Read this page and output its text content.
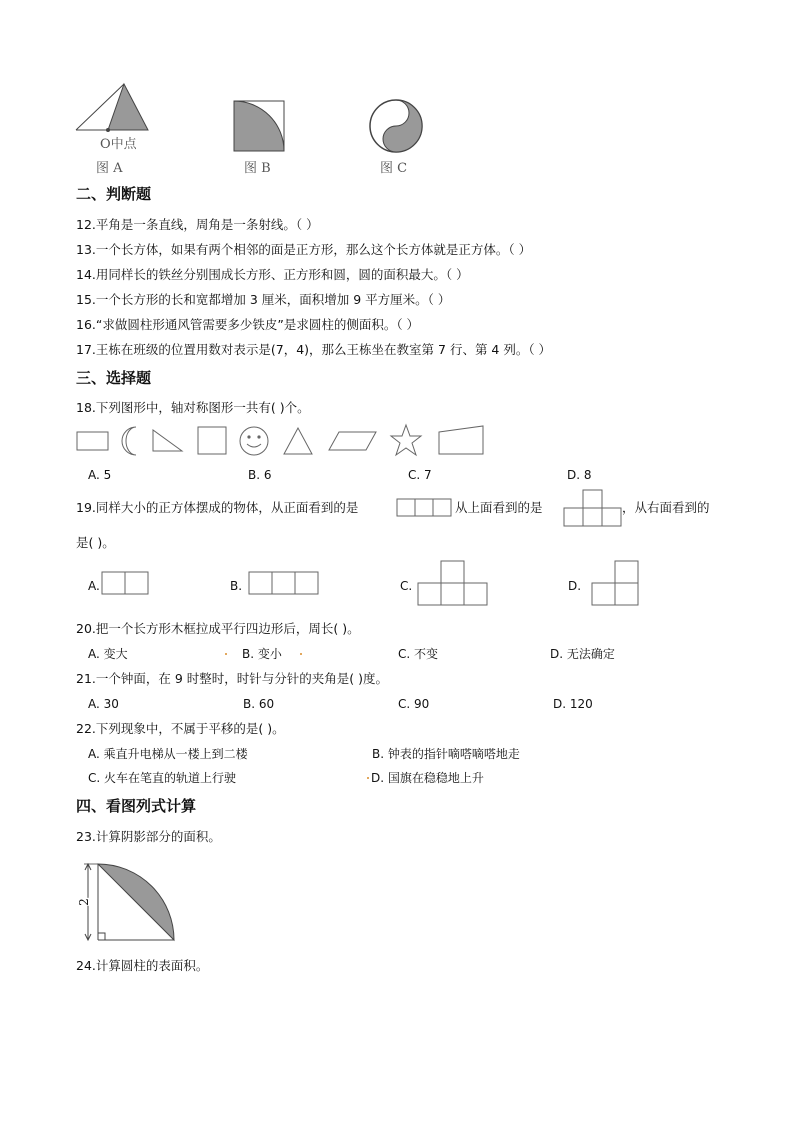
O中点
图 A	图 B	图 C
二、判断题
12.平角是一条直线，周角是一条射线。（ ）
13.一个长方体，如果有两个相邻的面是正方形，那么这个长方体就是正方体。（ ）
14.用同样长的铁丝分别围成长方形、正方形和圆，圆的面积最大。（ ）
15.一个长方形的长和宽都增加 3 厘米，面积增加 9 平方厘米。（ ）
16.“求做圆柱形通风管需要多少铁皮”是求圆柱的侧面积。（ ）
17.王栋在班级的位置用数对表示是(7，4)，那么王栋坐在教室第 7 行、第 4 列。（ ）
三、选择题
18.下列图形中，轴对称图形一共有( )个。
A. 5	B. 6	C. 7	D. 8
19.同样大小的正方体摆成的物体，从正面看到的是	从上面看到的是	，从右面看到的
是( )。
A.	B.	C.	D.
20.把一个长方形木框拉成平行四边形后，周长( )。
A. 变大	B. 变小	C. 不变	D. 无法确定
21.一个钟面，在 9 时整时，时针与分针的夹角是( )度。
A. 30	B. 60	C. 90	D. 120
22.下列现象中，不属于平移的是( )。
A. 乘直升电梯从一楼上到二楼	B. 钟表的指针嘀嗒嘀嗒地走
C. 火车在笔直的轨道上行驶	D. 国旗在稳稳地上升
四、看图列式计算
23.计算阴影部分的面积。
2
24.计算圆柱的表面积。
